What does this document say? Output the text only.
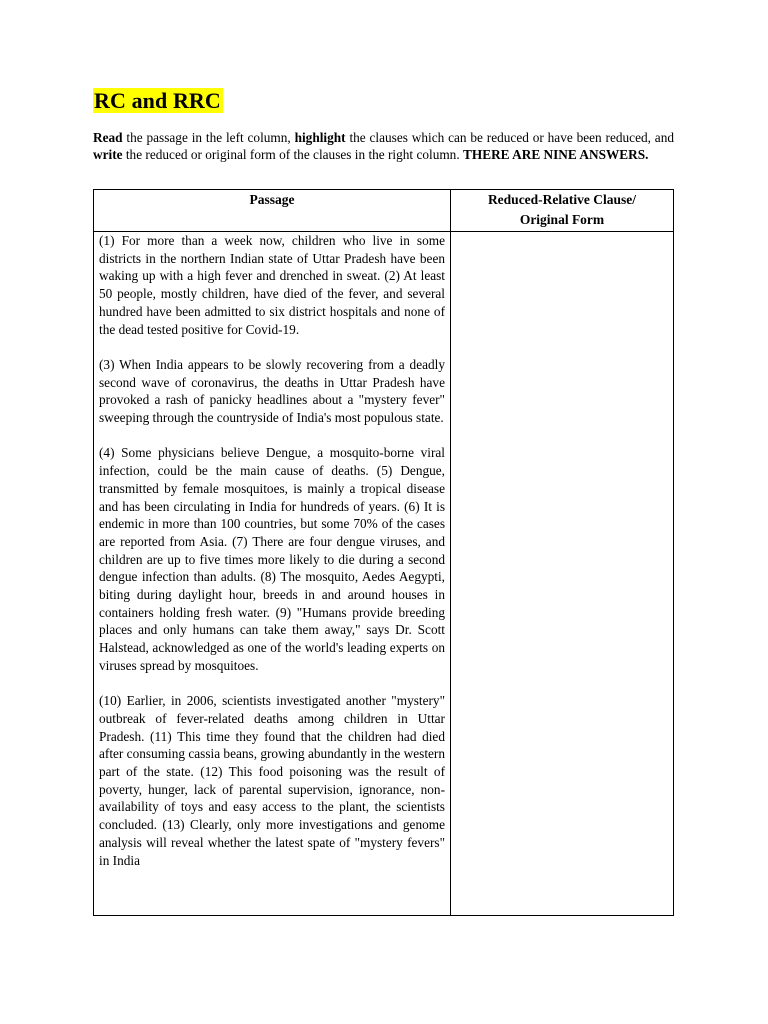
RC and RRC

Read the passage in the left column, highlight the clauses which can be reduced or have been reduced, and write the reduced or original form of the clauses in the right column. THERE ARE NINE ANSWERS.

Passage	Reduced-Relative Clause/
Original Form

(1) For more than a week now, children who live in some districts in the northern Indian state of Uttar Pradesh have been waking up with a high fever and drenched in sweat. (2) At least 50 people, mostly children, have died of the fever, and several hundred have been admitted to six district hospitals and none of the dead tested positive for Covid-19.

(3) When India appears to be slowly recovering from a deadly second wave of coronavirus, the deaths in Uttar Pradesh have provoked a rash of panicky headlines about a "mystery fever" sweeping through the countryside of India's most populous state.

(4) Some physicians believe Dengue, a mosquito-borne viral infection, could be the main cause of deaths. (5) Dengue, transmitted by female mosquitoes, is mainly a tropical disease and has been circulating in India for hundreds of years. (6) It is endemic in more than 100 countries, but some 70% of the cases are reported from Asia. (7) There are four dengue viruses, and children are up to five times more likely to die during a second dengue infection than adults. (8) The mosquito, Aedes Aegypti, biting during daylight hour, breeds in and around houses in containers holding fresh water. (9) "Humans provide breeding places and only humans can take them away," says Dr. Scott Halstead, acknowledged as one of the world's leading experts on viruses spread by mosquitoes.

(10) Earlier, in 2006, scientists investigated another "mystery" outbreak of fever-related deaths among children in Uttar Pradesh. (11) This time they found that the children had died after consuming cassia beans, growing abundantly in the western part of the state. (12) This food poisoning was the result of poverty, hunger, lack of parental supervision, ignorance, non-availability of toys and easy access to the plant, the scientists concluded. (13) Clearly, only more investigations and genome analysis will reveal whether the latest spate of "mystery fevers" in India	
